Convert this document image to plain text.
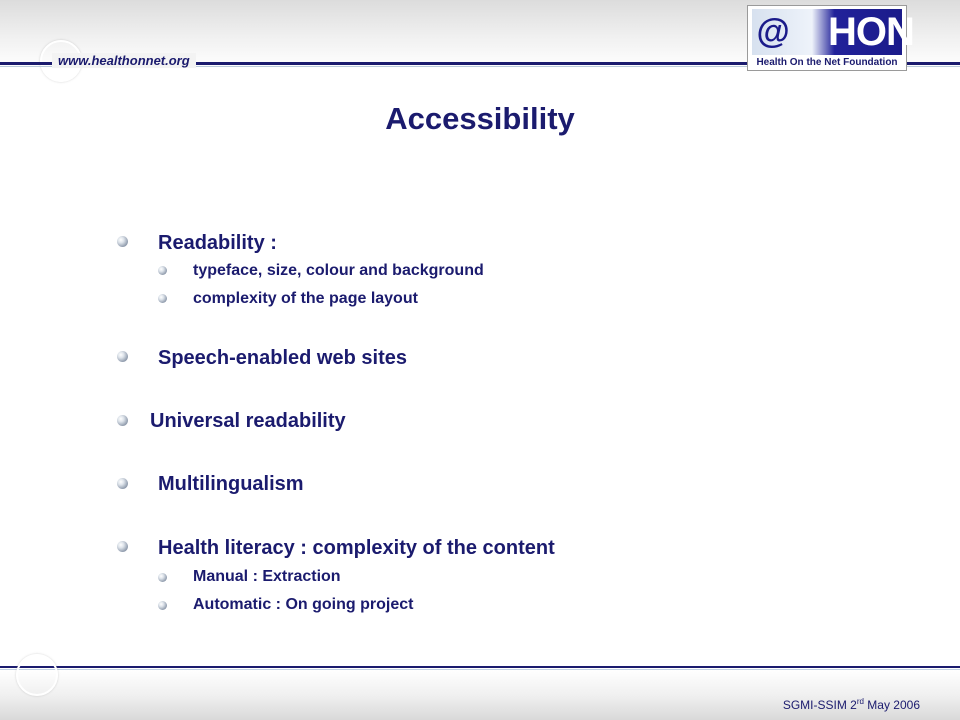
www.healthonnet.org
@ HON
Health On the Net Foundation
Accessibility
Readability :
typeface, size, colour and background
complexity of the page layout
Speech-enabled web sites
Universal readability
Multilingualism
Health literacy : complexity of the content
Manual : Extraction
Automatic : On going project
SGMI-SSIM 2rd May 2006
